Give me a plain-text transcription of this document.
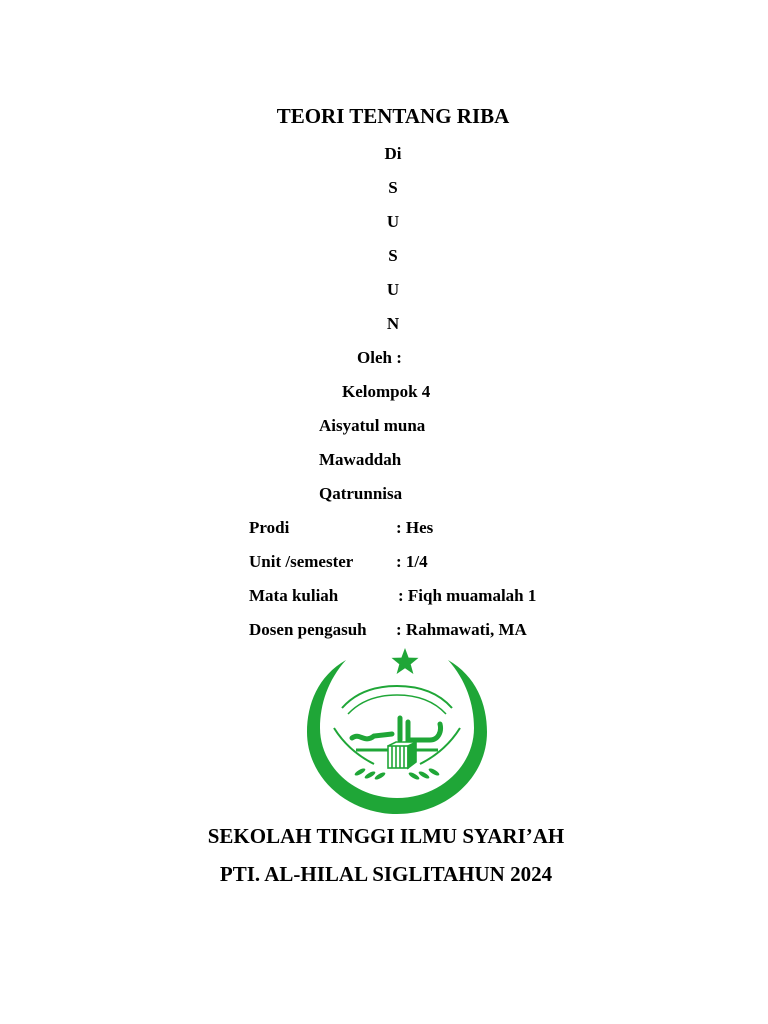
TEORI TENTANG RIBA
Di
S
U
S
U
N
Oleh :
Kelompok 4
Aisyatul muna
Mawaddah
Qatrunnisa
Prodi	: Hes
Unit /semester	: 1/4
Mata kuliah	: Fiqh muamalah 1
Dosen pengasuh : Rahmawati, MA
SEKOLAH TINGGI ILMU SYARI’AH
PTI. AL-HILAL SIGLITAHUN 2024
